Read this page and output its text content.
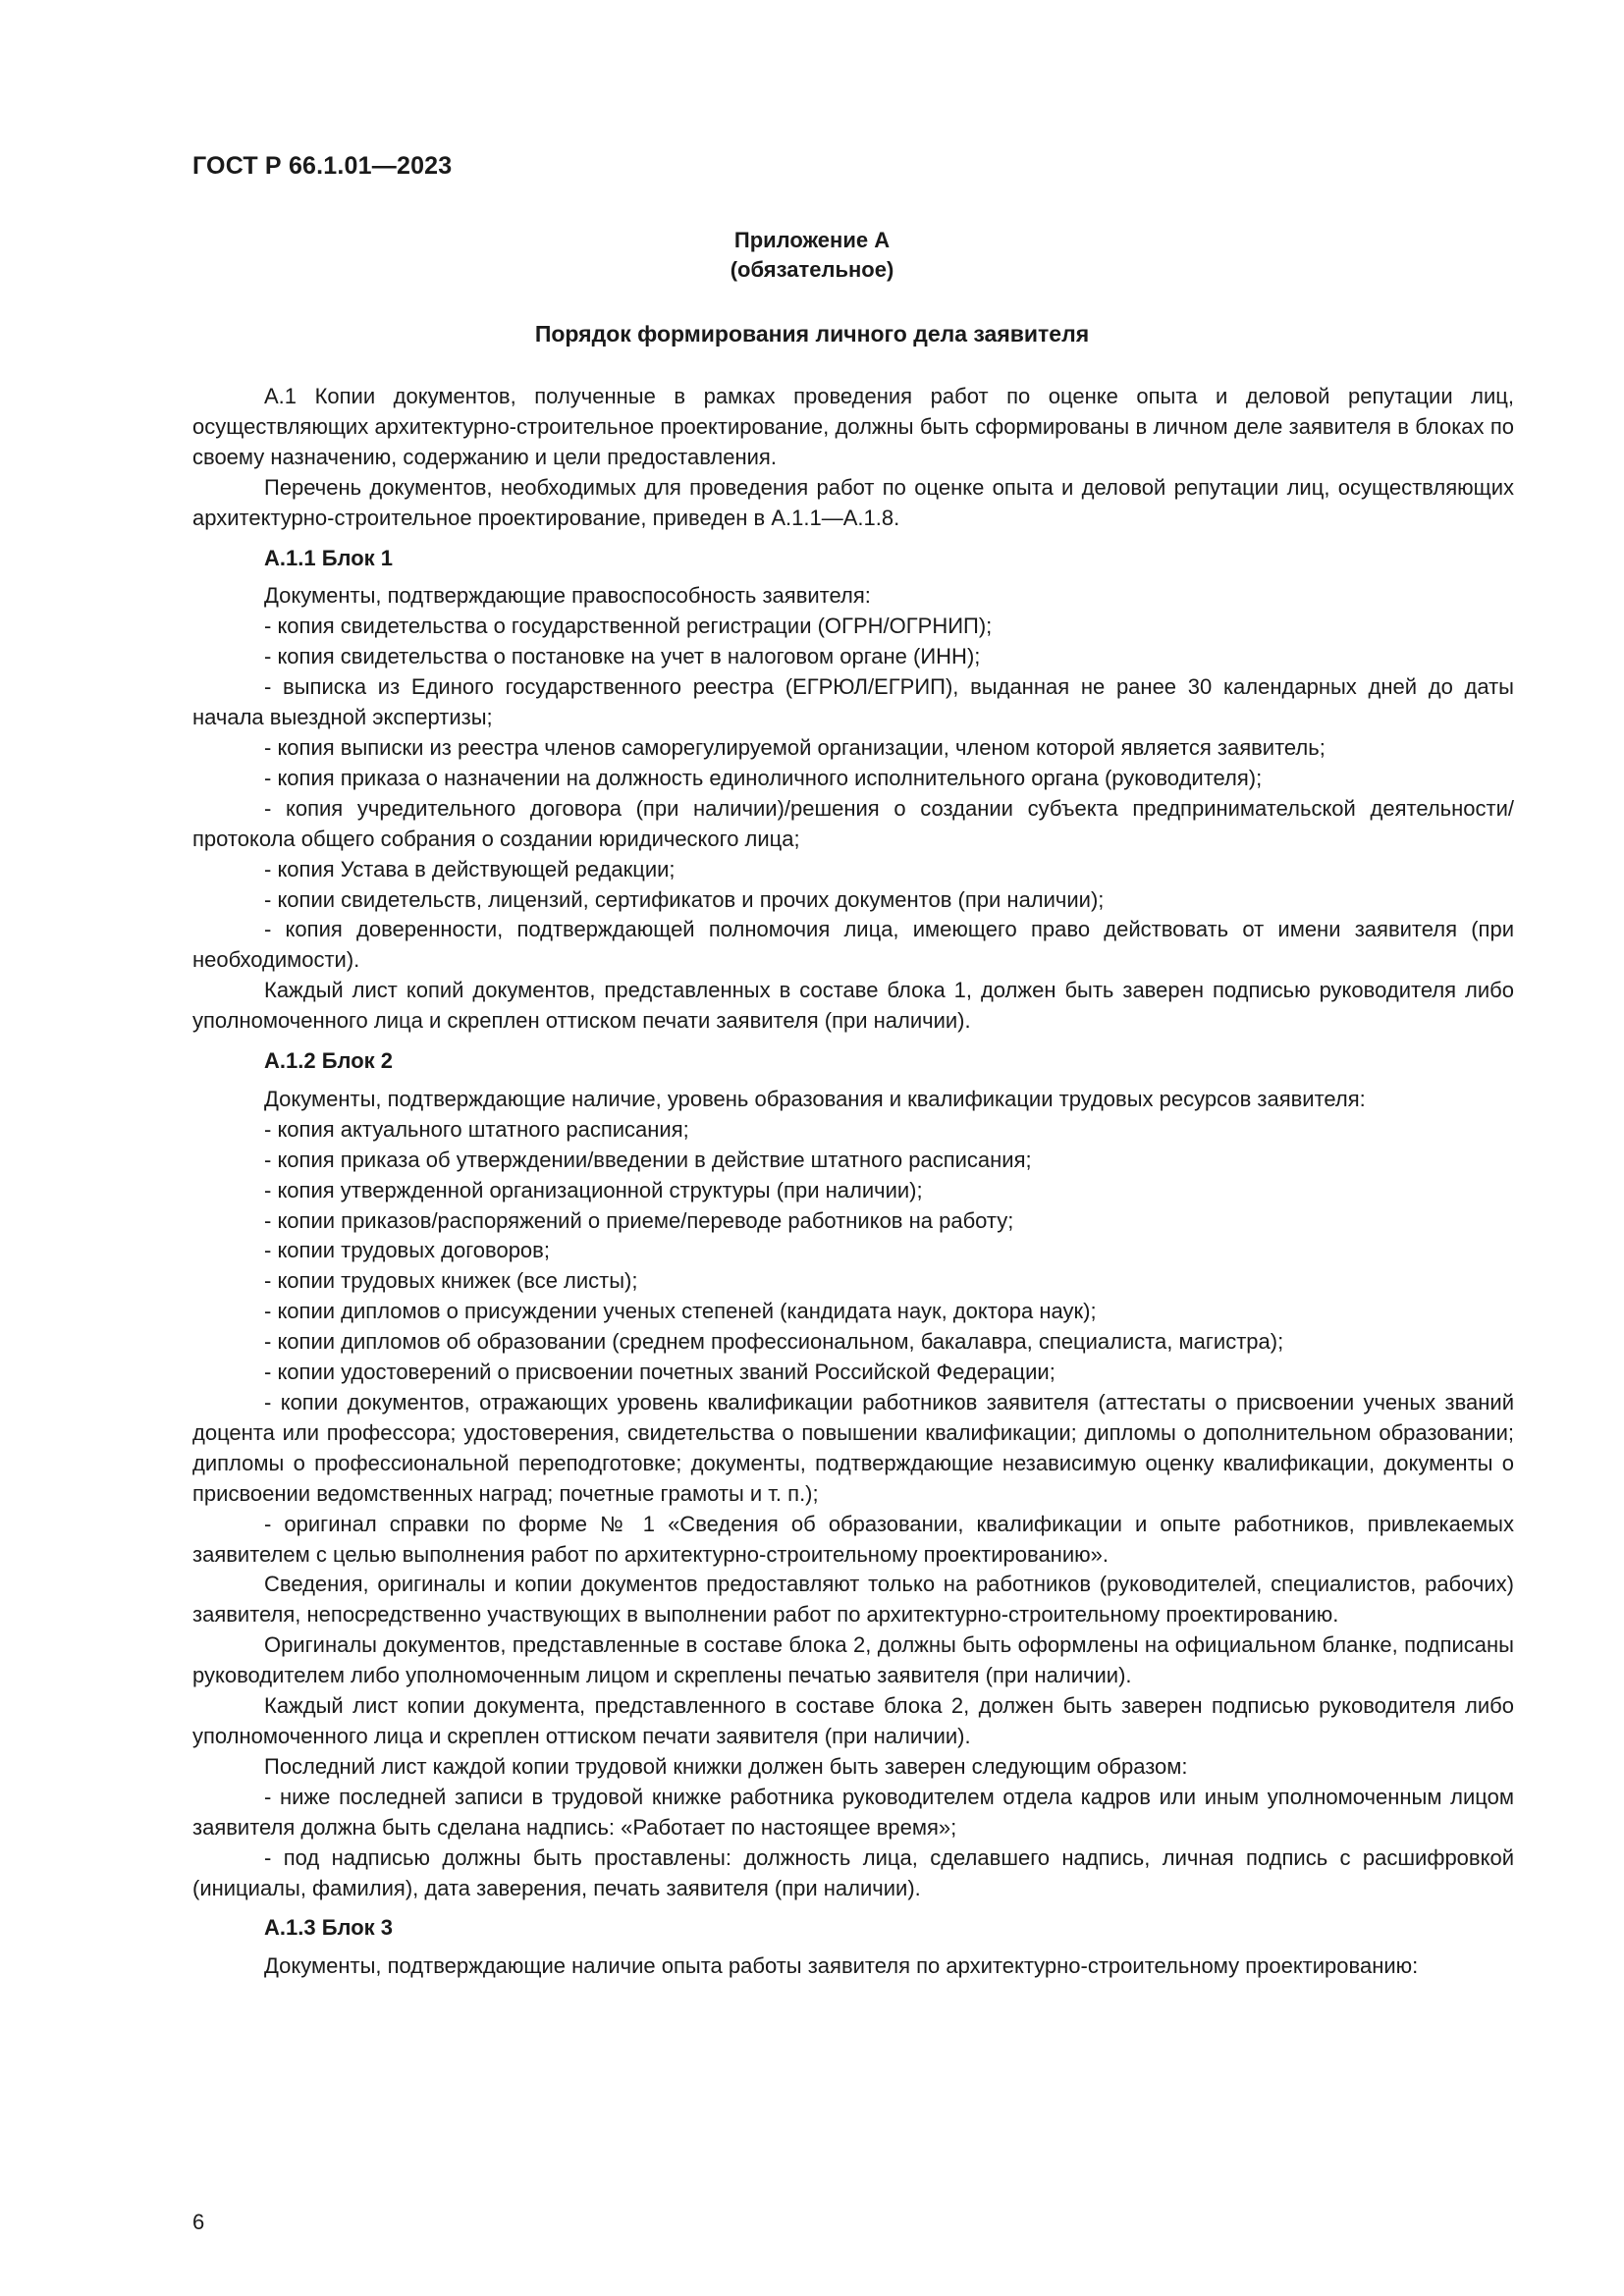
ГОСТ Р 66.1.01—2023
Приложение А
(обязательное)
Порядок формирования личного дела заявителя

А.1 Копии документов, полученные в рамках проведения работ по оценке опыта и деловой репутации лиц, осуществляющих архитектурно-строительное проектирование, должны быть сформированы в личном деле заявителя в блоках по своему назначению, содержанию и цели предоставления.

Перечень документов, необходимых для проведения работ по оценке опыта и деловой репутации лиц, осуществляющих архитектурно-строительное проектирование, приведен в А.1.1—А.1.8.

А.1.1 Блок 1

Документы, подтверждающие правоспособность заявителя:

- копия свидетельства о государственной регистрации (ОГРН/ОГРНИП);

- копия свидетельства о постановке на учет в налоговом органе (ИНН);

- выписка из Единого государственного реестра (ЕГРЮЛ/ЕГРИП), выданная не ранее 30 календарных дней до даты начала выездной экспертизы;

- копия выписки из реестра членов саморегулируемой организации, членом которой является заявитель;

- копия приказа о назначении на должность единоличного исполнительного органа (руководителя);

- копия учредительного договора (при наличии)/решения о создании субъекта предпринимательской деятельности/протокола общего собрания о создании юридического лица;

- копия Устава в действующей редакции;

- копии свидетельств, лицензий, сертификатов и прочих документов (при наличии);

- копия доверенности, подтверждающей полномочия лица, имеющего право действовать от имени заявителя (при необходимости).

Каждый лист копий документов, представленных в составе блока 1, должен быть заверен подписью руководителя либо уполномоченного лица и скреплен оттиском печати заявителя (при наличии).

А.1.2 Блок 2

Документы, подтверждающие наличие, уровень образования и квалификации трудовых ресурсов заявителя:

- копия актуального штатного расписания;

- копия приказа об утверждении/введении в действие штатного расписания;

- копия утвержденной организационной структуры (при наличии);

- копии приказов/распоряжений о приеме/переводе работников на работу;

- копии трудовых договоров;

- копии трудовых книжек (все листы);

- копии дипломов о присуждении ученых степеней (кандидата наук, доктора наук);

- копии дипломов об образовании (среднем профессиональном, бакалавра, специалиста, магистра);

- копии удостоверений о присвоении почетных званий Российской Федерации;

- копии документов, отражающих уровень квалификации работников заявителя (аттестаты о присвоении ученых званий доцента или профессора; удостоверения, свидетельства о повышении квалификации; дипломы о дополнительном образовании; дипломы о профессиональной переподготовке; документы, подтверждающие независимую оценку квалификации, документы о присвоении ведомственных наград; почетные грамоты и т. п.);

- оригинал справки по форме № 1 «Сведения об образовании, квалификации и опыте работников, привлекаемых заявителем с целью выполнения работ по архитектурно-строительному проектированию».

Сведения, оригиналы и копии документов предоставляют только на работников (руководителей, специалистов, рабочих) заявителя, непосредственно участвующих в выполнении работ по архитектурно-строительному проектированию.

Оригиналы документов, представленные в составе блока 2, должны быть оформлены на официальном бланке, подписаны руководителем либо уполномоченным лицом и скреплены печатью заявителя (при наличии).

Каждый лист копии документа, представленного в составе блока 2, должен быть заверен подписью руководителя либо уполномоченного лица и скреплен оттиском печати заявителя (при наличии).

Последний лист каждой копии трудовой книжки должен быть заверен следующим образом:

- ниже последней записи в трудовой книжке работника руководителем отдела кадров или иным уполномоченным лицом заявителя должна быть сделана надпись: «Работает по настоящее время»;

- под надписью должны быть проставлены: должность лица, сделавшего надпись, личная подпись с расшифровкой (инициалы, фамилия), дата заверения, печать заявителя (при наличии).

А.1.3 Блок 3

Документы, подтверждающие наличие опыта работы заявителя по архитектурно-строительному проектированию:

6
